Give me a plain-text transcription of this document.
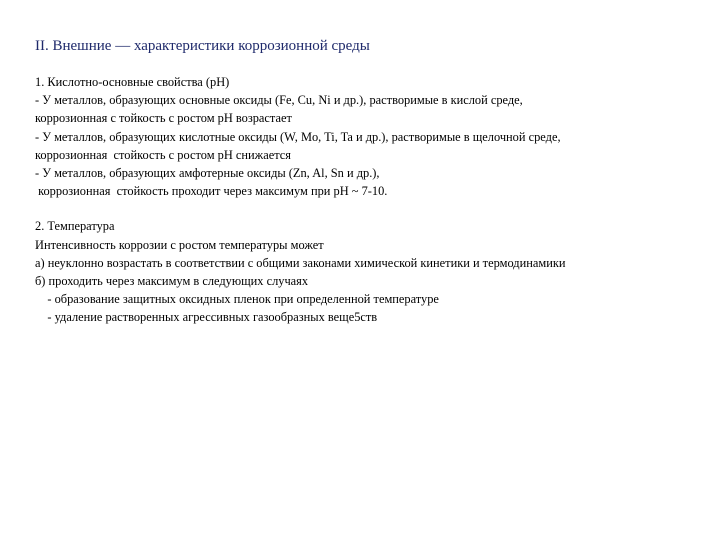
II. Внешние — характеристики коррозионной среды
1. Кислотно-основные свойства (pH)
- У металлов, образующих основные оксиды (Fe, Cu, Ni и др.), растворимые в кислой среде,
коррозионная с тойкость с ростом pH возрастает
- У металлов, образующих кислотные оксиды (W, Mo, Ti, Ta и др.), растворимые в щелочной среде,
коррозионная  стойкость с ростом pH снижается
- У металлов, образующих амфотерные оксиды (Zn, Al, Sn и др.),
коррозионная  стойкость проходит через максимум при pH ~ 7-10.
2. Температура
Интенсивность коррозии с ростом температуры может
а) неуклонно возрастать в соответствии с общими законами химической кинетики и термодинамики
б) проходить через максимум в следующих случаях
- образование защитных оксидных пленок при определенной температуре
- удаление растворенных агрессивных газообразных веще5ств
